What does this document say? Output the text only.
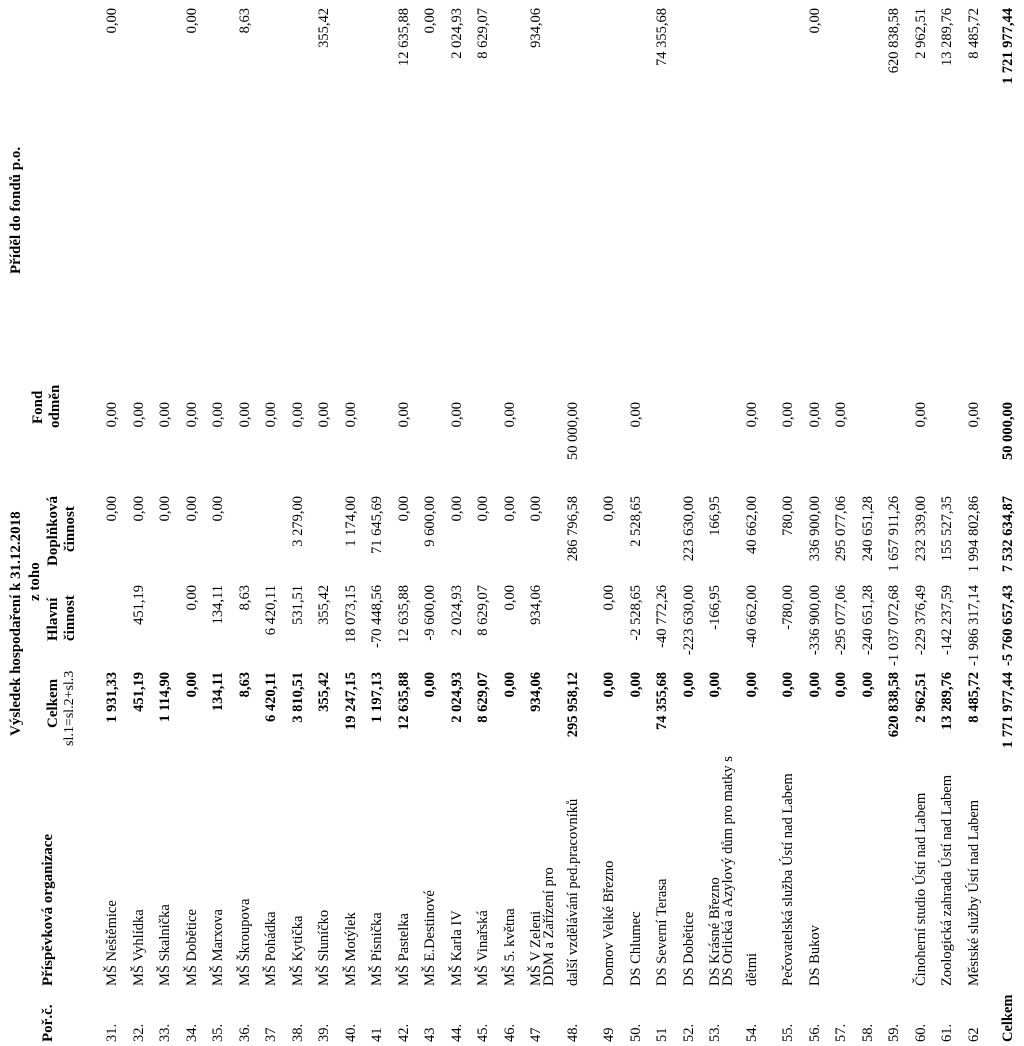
Výsledek hospodaření k 31.12.2018
Příděl do fondů p.o.
z toho
Poř.č.
Příspěvková organizace
Celkem sl.1=sl.2+sl.3
Hlavní činnost
Doplňková činnost
Fond odměn
31.
MŠ Neštěmice
1 931,33
0,00
0,00
0,00
32.
MŠ Vyhlídka
451,19
451,19
0,00
0,00
33.
MŠ Skalnička
1 114,90
0,00
0,00
34.
MŠ Dobětice
0,00
0,00
0,00
0,00
0,00
35.
MŠ Marxova
134,11
134,11
0,00
0,00
36.
MŠ Škroupova
8,63
8,63
0,00
8,63
37
MŠ Pohádka
6 420,11
6 420,11
0,00
38.
MŠ Kytička
3 810,51
531,51
3 279,00
0,00
39.
MŠ Sluníčko
355,42
355,42
0,00
355,42
40.
MŠ Motýlek
19 247,15
18 073,15
1 174,00
0,00
41
MŠ Písnička
1 197,13
-70 448,56
71 645,69
42.
MŠ Pastelka
12 635,88
12 635,88
0,00
0,00
12 635,88
43
MŠ E.Destinové
0,00
-9 600,00
9 600,00
0,00
44.
MŠ Karla IV
2 024,93
2 024,93
0,00
0,00
2 024,93
45.
MŠ Vinařská
8 629,07
8 629,07
0,00
8 629,07
46.
MŠ 5. května
0,00
0,00
0,00
0,00
47
MŠ V Zeleni
934,06
934,06
0,00
934,06
48.
DDM a Zařízení pro další vzdělávání ped.pracovníků
295 958,12
286 796,58
50 000,00
49
Domov Velké Březno
0,00
0,00
0,00
50.
DS Chlumec
0,00
-2 528,65
2 528,65
0,00
51
DS Severní Terasa
74 355,68
-40 772,26
74 355,68
52.
DS Dobětice
0,00
-223 630,00
223 630,00
53.
DS Krásné Březno
0,00
-166,95
166,95
54.
DS Orlická a Azylový dům pro matky s dětmi
0,00
-40 662,00
40 662,00
0,00
55.
Pečovatelská služba Ústí nad Labem
0,00
-780,00
780,00
0,00
56.
DS Bukov
0,00
-336 900,00
336 900,00
0,00
0,00
57.
0,00
-295 077,06
295 077,06
0,00
58.
0,00
-240 651,28
240 651,28
59.
620 838,58
-1 037 072,68
1 657 911,26
620 838,58
60.
Činoherní studio Ústí nad Labem
2 962,51
-229 376,49
232 339,00
0,00
2 962,51
61.
Zoologická zahrada Ústí nad Labem
13 289,76
-142 237,59
155 527,35
13 289,76
62
Městské služby Ústí nad Labem
8 485,72
-1 986 317,14
1 994 802,86
0,00
8 485,72
Celkem
1 771 977,44
-5 760 657,43
7 532 634,87
50 000,00
1 721 977,44
